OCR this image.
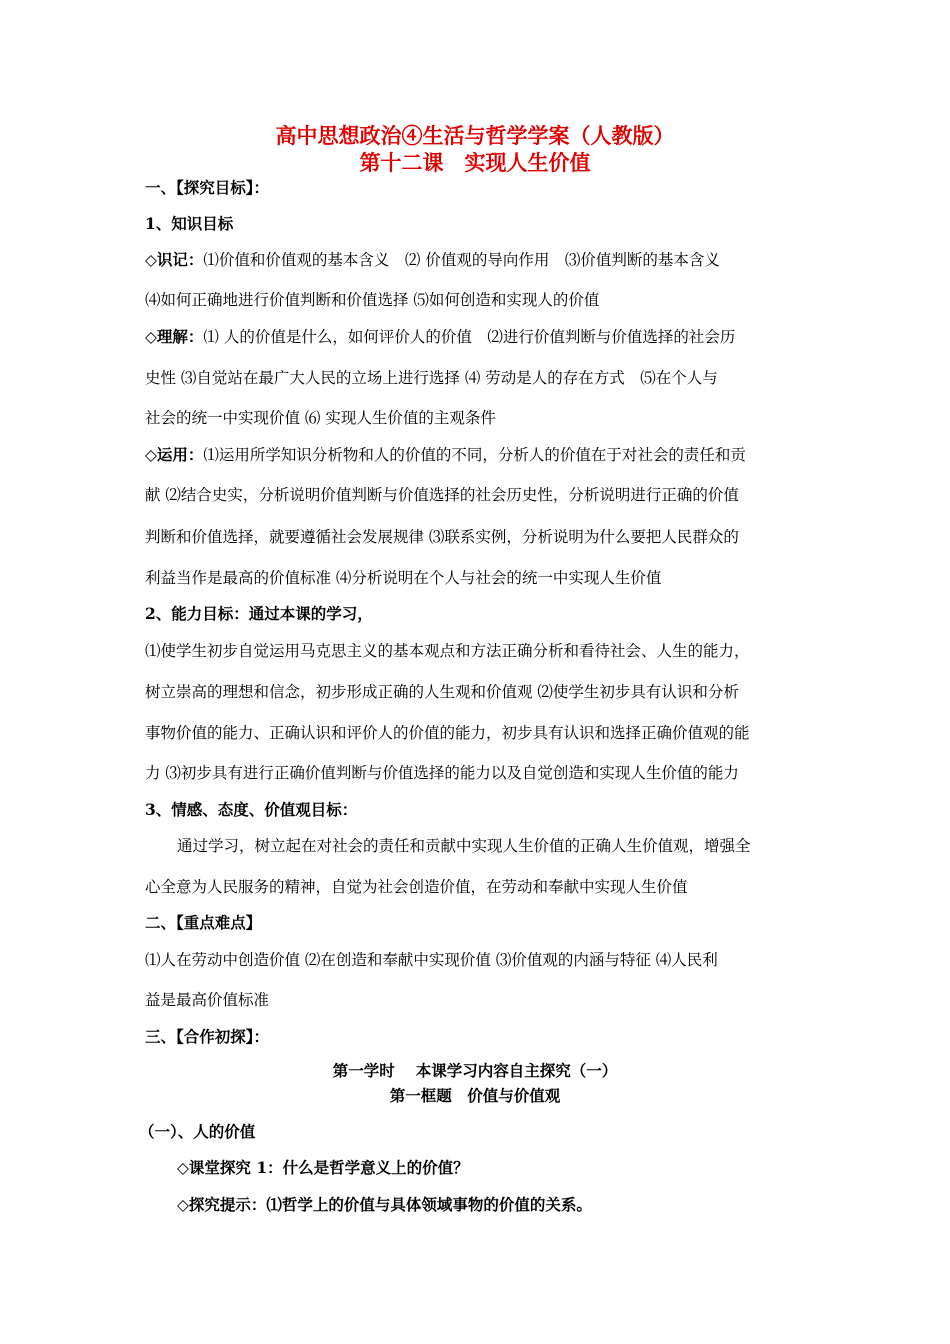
高中思想政治④生活与哲学学案（人教版）
第十二课　实现人生价值
一、【探究目标】：
1、知识目标
◇识记：⑴价值和价值观的基本含义　⑵ 价值观的导向作用　⑶价值判断的基本含义
⑷如何正确地进行价值判断和价值选择 ⑸如何创造和实现人的价值
◇理解：⑴ 人的价值是什么，如何评价人的价值　⑵进行价值判断与价值选择的社会历
史性 ⑶自觉站在最广大人民的立场上进行选择 ⑷ 劳动是人的存在方式　⑸在个人与
社会的统一中实现价值 ⑹ 实现人生价值的主观条件
◇运用：⑴运用所学知识分析物和人的价值的不同，分析人的价值在于对社会的责任和贡
献 ⑵结合史实，分析说明价值判断与价值选择的社会历史性，分析说明进行正确的价值
判断和价值选择，就要遵循社会发展规律 ⑶联系实例，分析说明为什么要把人民群众的
利益当作是最高的价值标准 ⑷分析说明在个人与社会的统一中实现人生价值
2、能力目标：通过本课的学习，
⑴使学生初步自觉运用马克思主义的基本观点和方法正确分析和看待社会、人生的能力，
树立崇高的理想和信念，初步形成正确的人生观和价值观 ⑵使学生初步具有认识和分析
事物价值的能力、正确认识和评价人的价值的能力，初步具有认识和选择正确价值观的能
力 ⑶初步具有进行正确价值判断与价值选择的能力以及自觉创造和实现人生价值的能力
3、情感、态度、价值观目标：
通过学习，树立起在对社会的责任和贡献中实现人生价值的正确人生价值观，增强全
心全意为人民服务的精神，自觉为社会创造价值，在劳动和奉献中实现人生价值
二、【重点难点】
⑴人在劳动中创造价值 ⑵在创造和奉献中实现价值 ⑶价值观的内涵与特征 ⑷人民利
益是最高价值标准
三、【合作初探】：
第一学时　 本课学习内容自主探究（一）
第一框题　价值与价值观
（一）、人的价值
◇课堂探究 1：什么是哲学意义上的价值？
◇探究提示：⑴哲学上的价值与具体领域事物的价值的关系。
